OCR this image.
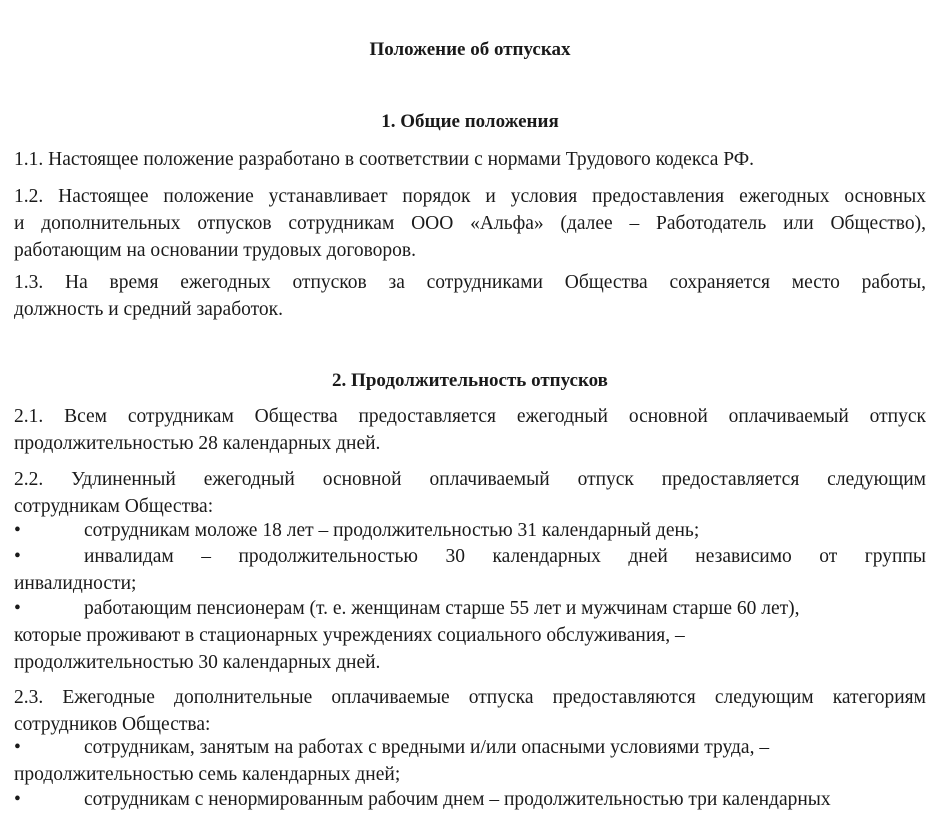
Положение об отпусках
1. Общие положения
1.1. Настоящее положение разработано в соответствии с нормами Трудового кодекса РФ.
1.2. Настоящее положение устанавливает порядок и условия предоставления ежегодных основных
и дополнительных отпусков сотрудникам ООО «Альфа» (далее – Работодатель или Общество),
работающим на основании трудовых договоров.
1.3. На время ежегодных отпусков за сотрудниками Общества сохраняется место работы,
должность и средний заработок.
2. Продолжительность отпусков
2.1. Всем сотрудникам Общества предоставляется ежегодный основной оплачиваемый отпуск
продолжительностью 28 календарных дней.
2.2. Удлиненный ежегодный основной оплачиваемый отпуск предоставляется следующим
сотрудникам Общества:
•	сотрудникам моложе 18 лет – продолжительностью 31 календарный день;
•	инвалидам – продолжительностью 30 календарных дней независимо от группы
инвалидности;
•	работающим пенсионерам (т. е. женщинам старше 55 лет и мужчинам старше 60 лет),
которые проживают в стационарных учреждениях социального обслуживания, –
продолжительностью 30 календарных дней.
2.3. Ежегодные дополнительные оплачиваемые отпуска предоставляются следующим категориям
сотрудников Общества:
•	сотрудникам, занятым на работах с вредными и/или опасными условиями труда, –
продолжительностью семь календарных дней;
•	сотрудникам с ненормированным рабочим днем – продолжительностью три календарных
